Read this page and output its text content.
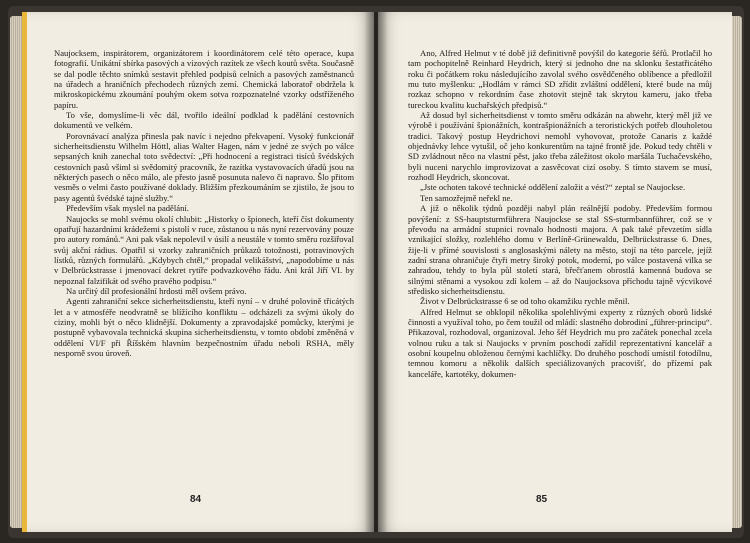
Naujocksem, inspirátorem, organizátorem i koordinátorem celé této operace, kupa fotografií. Unikátní sbírka pasových a vízových razítek ze všech koutů světa. Současně se dal podle těchto snímků sestavit přehled podpisů celních a pasových zaměstnanců na úřadech a hraničních přechodech různých zemí. Chemická laboratoř obdržela k mikroskopickému zkoumání pouhým okem sotva rozpoznatelné vzorky odstříženého papíru.

To vše, domyslíme-li věc dál, tvořilo ideální podklad k padělání cestovních dokumentů ve velkém.

Porovnávací analýza přinesla pak navíc i nejedno překvapení. Vysoký funkcionář sicherheitsdienstu Wilhelm Höttl, alias Walter Hagen, nám v jedné ze svých po válce sepsaných knih zanechal toto svědectví: „Při hodnocení a registraci tisíců švédských cestovních pasů všiml si svědomitý pracovník, že razítka vystavovacích úřadů jsou na některých pasech o něco málo, ale přesto jasně posunuta nalevo či napravo. Šlo přitom vesměs o velmi často používané doklady. Bližším přezkoumáním se zjistilo, že jsou to pasy agentů švédské tajné služby.“

Především však myslel na padělání.

Naujocks se mohl svému okolí chlubit: „Historky o špionech, kteří číst dokumenty opatřují hazardními krádežemi s pistolí v ruce, zůstanou u nás nyní rezervovány pouze pro autory románů.“ Ani pak však nepolevil v úsilí a neustále v tomto směru rozšiřoval svůj akční rádius. Opatřil si vzorky zahraničních průkazů totožnosti, potravinových lístků, různých formulářů. „Kdybych chtěl,“ propadal velikášství, „napodobíme u nás v Delbrückstrasse i jmenovací dekret rytíře podvazkového řádu. Ani král Jiří VI. by nepoznal falzifikát od svého pravého podpisu.“

Na určitý díl profesionální hrdosti měl ovšem právo.

Agenti zahraniční sekce sicherheitsdienstu, kteří nyní – v druhé polovině třicátých let a v atmosféře neodvratně se blížícího konfliktu – odcházeli za svými úkoly do ciziny, mohli být o něco klidnější. Dokumenty a zpravodajské pomůcky, kterými je postupně vybavovala technická skupina sicherheitsdienstu, v tomto období změněná v oddělení VI/F při Říšském hlavním bezpečnostním úřadu neboli RSHA, měly nesporně svou úroveň.

84

Ano, Alfred Helmut v té době již definitivně povýšil do kategorie šéfů. Protlačil ho tam pochopitelně Reinhard Heydrich, který si jednoho dne na sklonku šestatřicátého roku či počátkem roku následujícího zavolal svého osvědčeného oblíbence a předložil mu tuto myšlenku: „Hodlám v rámci SD zřídit zvláštní oddělení, které bude na můj rozkaz schopno v rekordním čase zhotovit stejně tak skrytou kameru, jako třeba tureckou kvalitu kuchařských předpisů.“

Až dosud byl sicherheitsdienst v tomto směru odkázán na abwehr, který měl již ve výrobě i používání špionážních, kontrašpionážních a teroristických potřeb dlouholetou tradici. Takový postup Heydrichovi nemohl vyhovovat, protože Canaris z každé objednávky lehce vytušil, oč jeho konkurentům na tajné frontě jde. Pokud tedy chtěli v SD zvládnout něco na vlastní pěst, jako třeba záležitost okolo maršála Tuchačevského, byli nuceni narychlo improvizovat a zasvěcovat cizí osoby. S tímto stavem se musí, rozhodl Heydrich, skoncovat.

„Jste ochoten takové technické oddělení založit a vést?“ zeptal se Naujockse.

Ten samozřejmě neřekl ne.

A již o několik týdnů později nabyl plán reálnější podoby. Především formou povýšení: z SS-hauptsturmführera Naujockse se stal SS-sturmbannführer, což se v převodu na armádní stupnici rovnalo hodnosti majora. A pak také převzetím sídla vznikající složky, rozlehlého domu v Berlíně-Grünewaldu, Delbrückstrasse 6. Dnes, žije-li v přímé souvislosti s anglosaskými nálety na město, stojí na této parcele, jejíž zadní strana ohraničuje čtyři metry široký potok, moderní, po válce postavená vilka se zahradou, tehdy to byla půl století stará, břečťanem obrostlá kamenná budova se silnými stěnami a vysokou zdí kolem – až do Naujocksova příchodu tajně výcvikové středisko sicherheitsdienstu.

Život v Delbrückstrasse 6 se od toho okamžiku rychle měnil.

Alfred Helmut se obklopil několika spolehlivými experty z různých oborů lidské činnosti a využíval toho, po čem toužil od mládí: slastného dobrodiní „führer-principu“. Přikazoval, rozhodoval, organizoval. Jeho šéf Heydrich mu pro začátek ponechal zcela volnou ruku a tak si Naujocks v prvním poschodí zařídil reprezentativní kancelář a osobní koupelnu obloženou černými kachlíčky. Do druhého poschodí umístil fotodílnu, temnou komoru a několik dalších speciálizovaných pracovišť, do přízemí pak kanceláře, kartotéky, dokumen-

85
